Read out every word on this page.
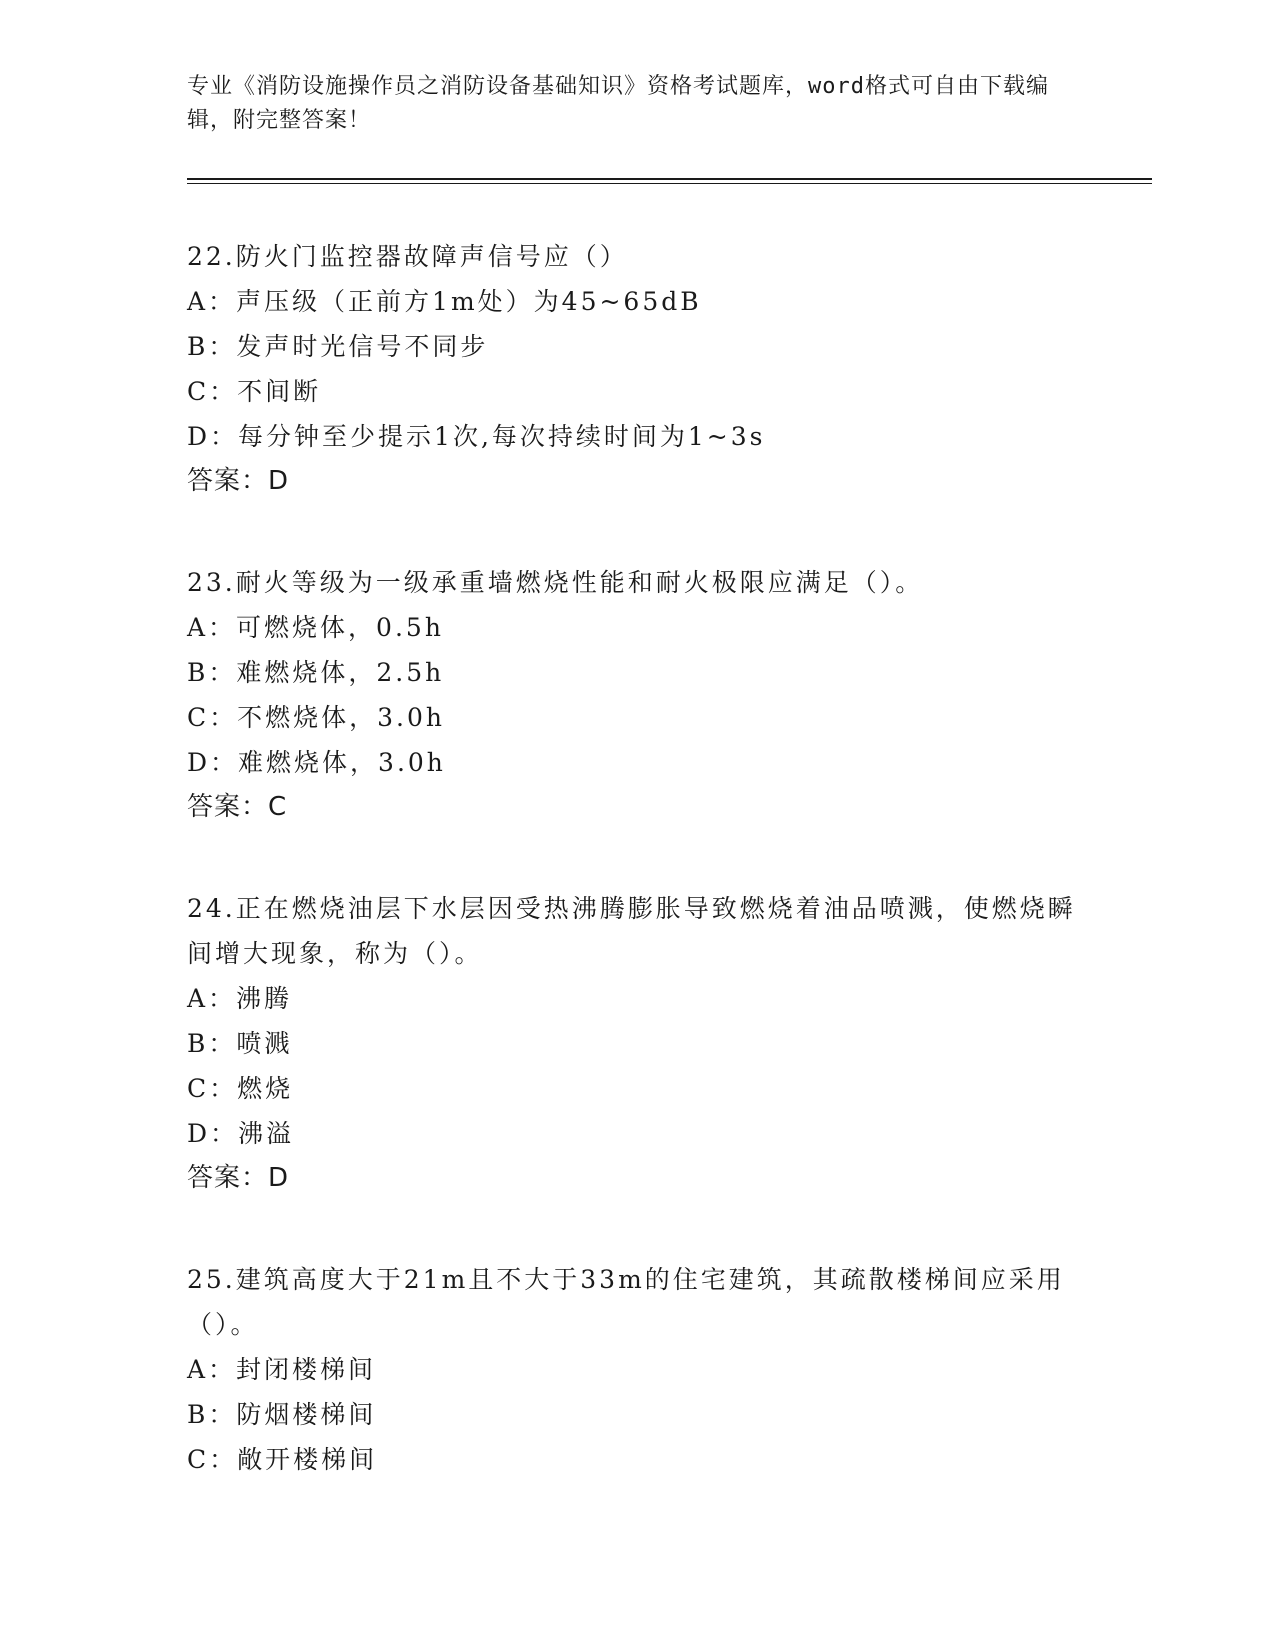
专业《消防设施操作员之消防设备基础知识》资格考试题库，word格式可自由下载编辑，附完整答案！
22.防火门监控器故障声信号应（）
A：声压级（正前方1m处）为45~65dB
B：发声时光信号不同步
C：不间断
D：每分钟至少提示1次,每次持续时间为1~3s
答案：D
23.耐火等级为一级承重墙燃烧性能和耐火极限应满足（）。
A：可燃烧体，0.5h
B：难燃烧体，2.5h
C：不燃烧体，3.0h
D：难燃烧体，3.0h
答案：C
24.正在燃烧油层下水层因受热沸腾膨胀导致燃烧着油品喷溅，使燃烧瞬间增大现象，称为（）。
A：沸腾
B：喷溅
C：燃烧
D：沸溢
答案：D
25.建筑高度大于21m且不大于33m的住宅建筑，其疏散楼梯间应采用（）。
A：封闭楼梯间
B：防烟楼梯间
C：敞开楼梯间
